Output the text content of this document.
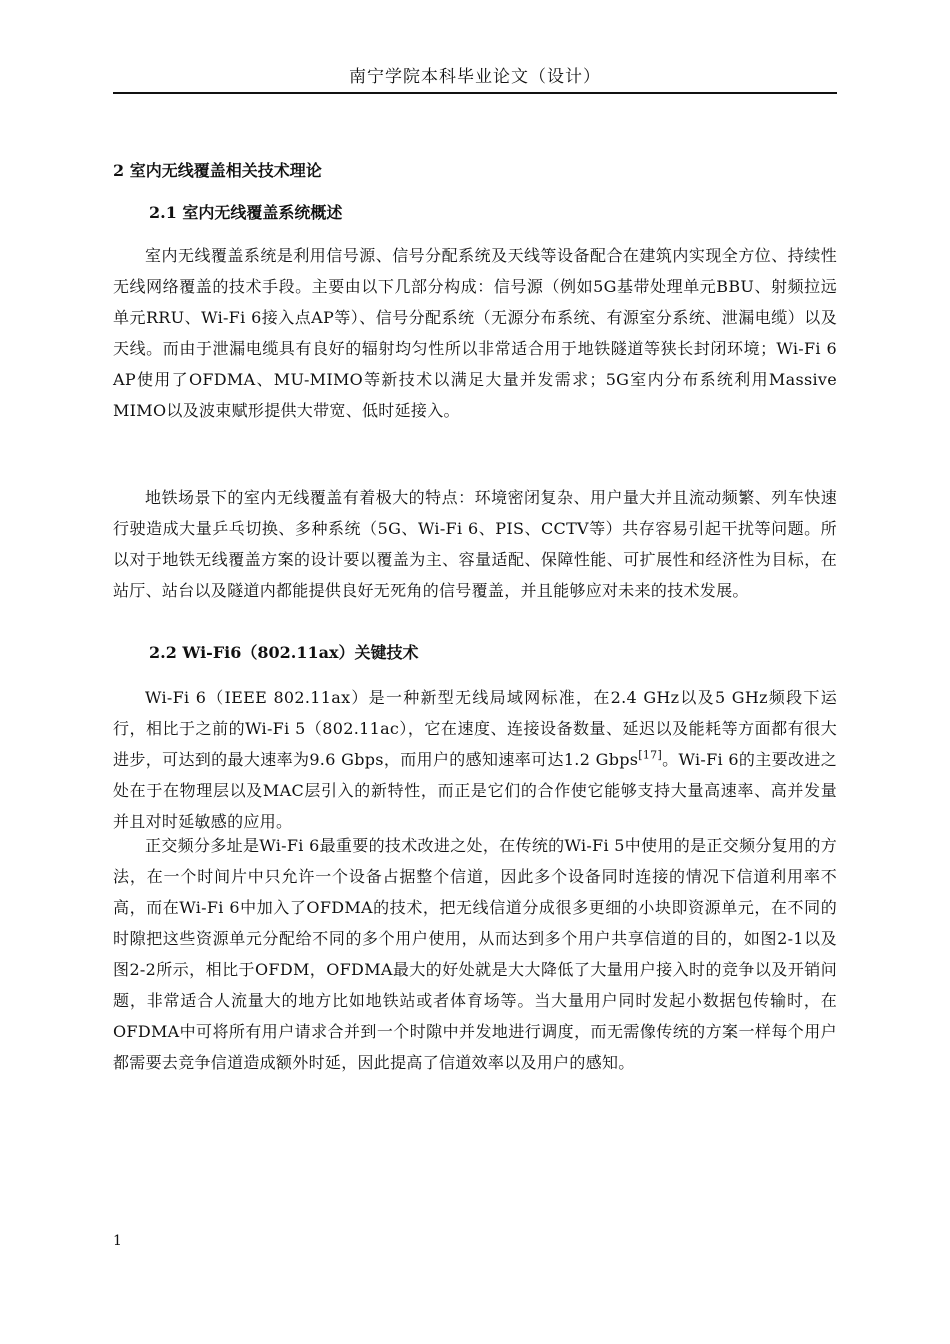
南宁学院本科毕业论文（设计）
2 室内无线覆盖相关技术理论
2.1 室内无线覆盖系统概述

室内无线覆盖系统是利用信号源、信号分配系统及天线等设备配合在建筑内实现全方位、持续性无线网络覆盖的技术手段。主要由以下几部分构成：信号源（例如5G基带处理单元BBU、射频拉远单元RRU、Wi-Fi 6接入点AP等）、信号分配系统（无源分布系统、有源室分系统、泄漏电缆）以及天线。而由于泄漏电缆具有良好的辐射均匀性所以非常适合用于地铁隧道等狭长封闭环境；Wi-Fi 6 AP使用了OFDMA、MU-MIMO等新技术以满足大量并发需求；5G室内分布系统利用Massive MIMO以及波束赋形提供大带宽、低时延接入。

地铁场景下的室内无线覆盖有着极大的特点：环境密闭复杂、用户量大并且流动频繁、列车快速行驶造成大量乒乓切换、多种系统（5G、Wi-Fi 6、PIS、CCTV等）共存容易引起干扰等问题。所以对于地铁无线覆盖方案的设计要以覆盖为主、容量适配、保障性能、可扩展性和经济性为目标，在站厅、站台以及隧道内都能提供良好无死角的信号覆盖，并且能够应对未来的技术发展。

2.2 Wi-Fi6（802.11ax）关键技术

Wi-Fi 6（IEEE 802.11ax）是一种新型无线局域网标准，在2.4 GHz以及5 GHz频段下运行，相比于之前的Wi-Fi 5（802.11ac），它在速度、连接设备数量、延迟以及能耗等方面都有很大进步，可达到的最大速率为9.6 Gbps，而用户的感知速率可达1.2 Gbps[17]。Wi-Fi 6的主要改进之处在于在物理层以及MAC层引入的新特性，而正是它们的合作使它能够支持大量高速率、高并发量并且对时延敏感的应用。

正交频分多址是Wi-Fi 6最重要的技术改进之处，在传统的Wi-Fi 5中使用的是正交频分复用的方法，在一个时间片中只允许一个设备占据整个信道，因此多个设备同时连接的情况下信道利用率不高，而在Wi-Fi 6中加入了OFDMA的技术，把无线信道分成很多更细的小块即资源单元，在不同的时隙把这些资源单元分配给不同的多个用户使用，从而达到多个用户共享信道的目的，如图2-1以及图2-2所示，相比于OFDM，OFDMA最大的好处就是大大降低了大量用户接入时的竞争以及开销问题，非常适合人流量大的地方比如地铁站或者体育场等。当大量用户同时发起小数据包传输时，在OFDMA中可将所有用户请求合并到一个时隙中并发地进行调度，而无需像传统的方案一样每个用户都需要去竞争信道造成额外时延，因此提高了信道效率以及用户的感知。

1
